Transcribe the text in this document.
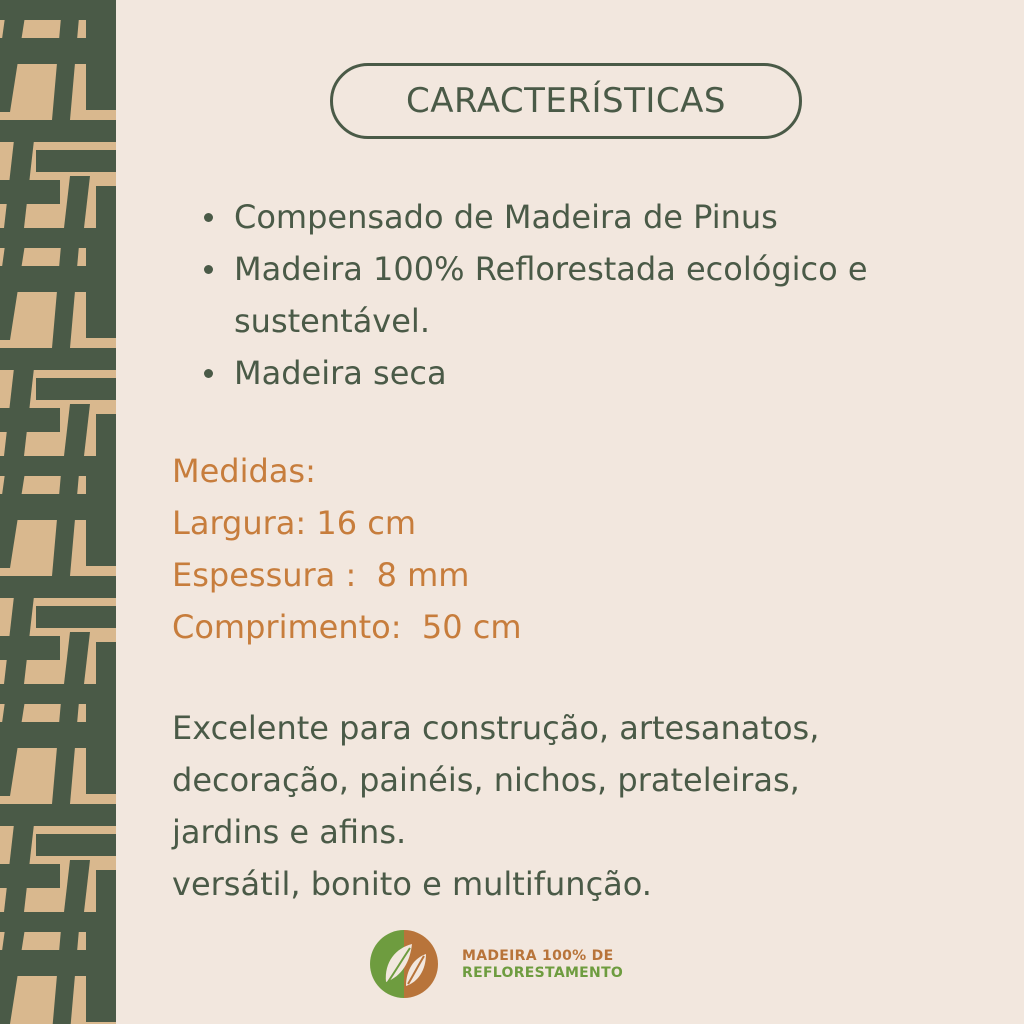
CARACTERÍSTICAS
Compensado de Madeira de Pinus
Madeira 100% Reflorestada ecológico e sustentável.
Madeira seca
Medidas:
Largura: 16 cm
Espessura :  8 mm
Comprimento:  50 cm
Excelente para construção, artesanatos,
decoração, painéis, nichos, prateleiras,
jardins e afins.
versátil, bonito e multifunção.
MADEIRA 100% DE
REFLORESTAMENTO
